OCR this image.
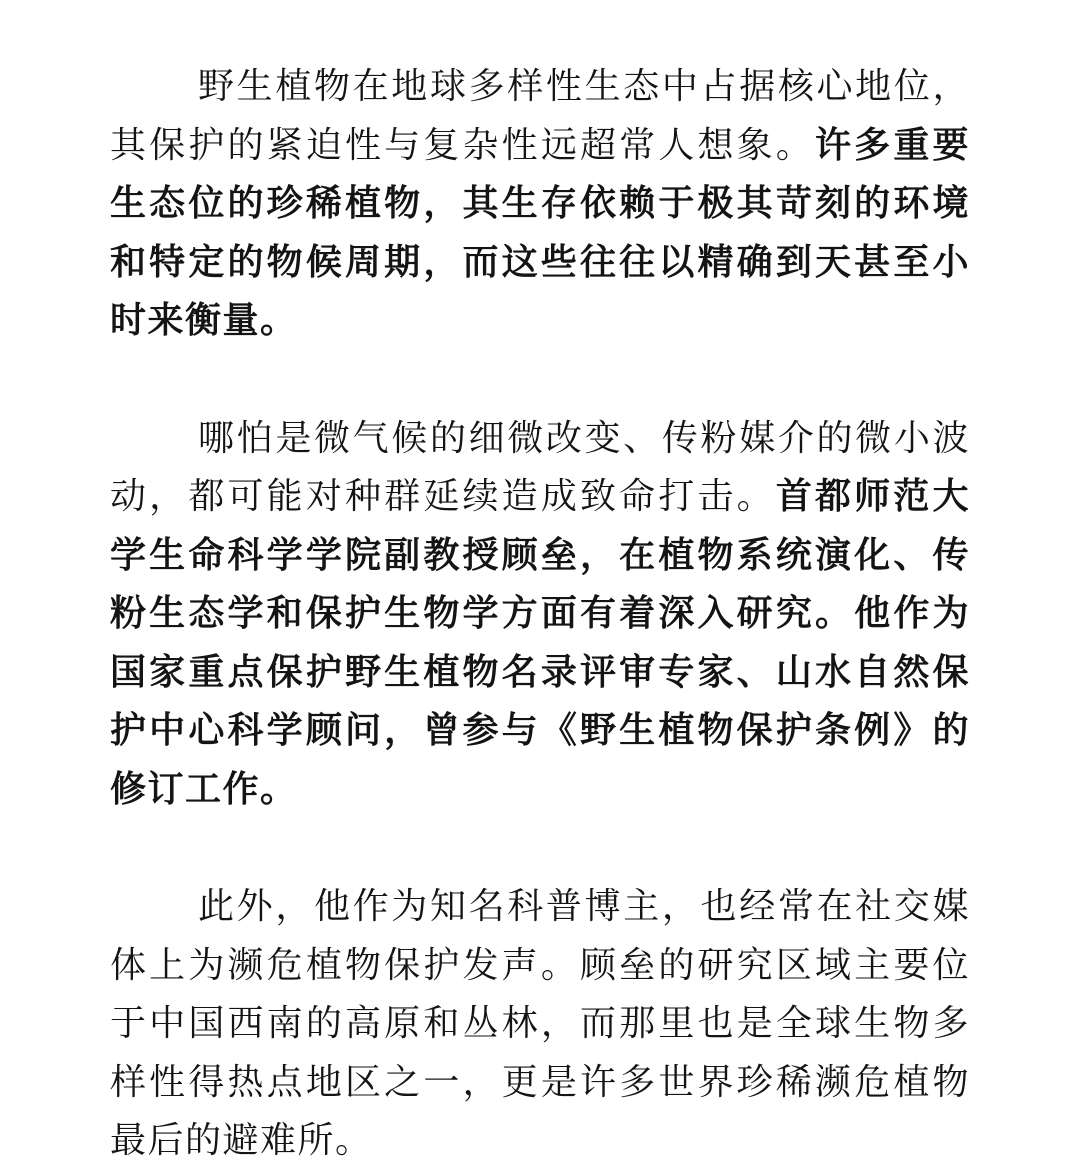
野生植物在地球多样性生态中占据核心地位，其保护的紧迫性与复杂性远超常人想象。许多重要生态位的珍稀植物，其生存依赖于极其苛刻的环境和特定的物候周期，而这些往往以精确到天甚至小时来衡量。

哪怕是微气候的细微改变、传粉媒介的微小波动，都可能对种群延续造成致命打击。首都师范大学生命科学学院副教授顾垒，在植物系统演化、传粉生态学和保护生物学方面有着深入研究。他作为国家重点保护野生植物名录评审专家、山水自然保护中心科学顾问，曾参与《野生植物保护条例》的修订工作。

此外，他作为知名科普博主，也经常在社交媒体上为濒危植物保护发声。顾垒的研究区域主要位于中国西南的高原和丛林，而那里也是全球生物多样性得热点地区之一，更是许多世界珍稀濒危植物最后的避难所。
